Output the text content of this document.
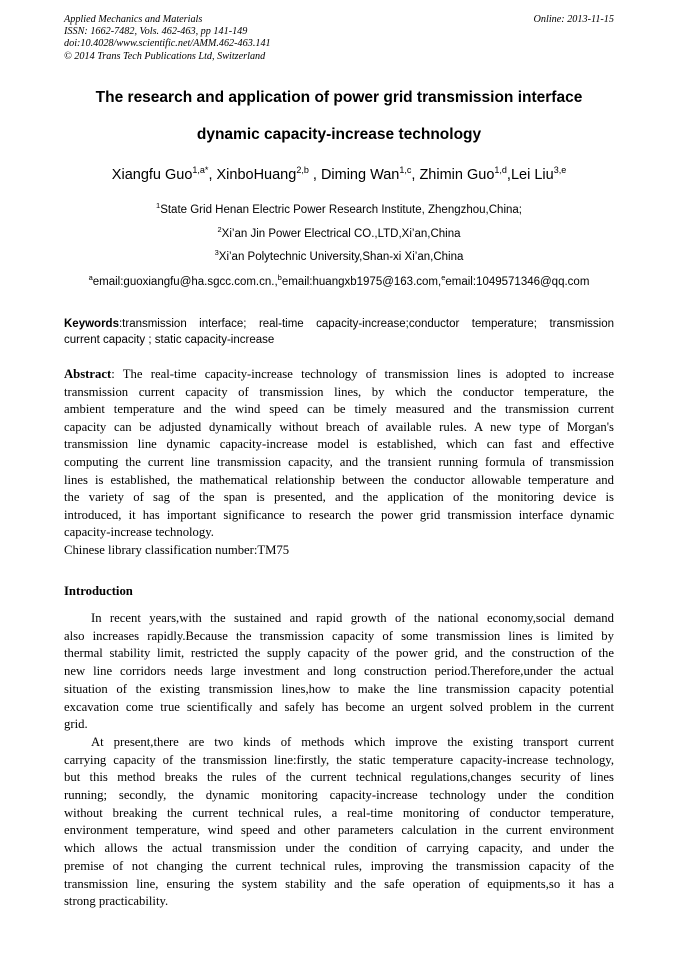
Applied Mechanics and Materials
ISSN: 1662-7482, Vols. 462-463, pp 141-149
doi:10.4028/www.scientific.net/AMM.462-463.141
© 2014 Trans Tech Publications Ltd, Switzerland
Online: 2013-11-15
The research and application of power grid transmission interface
dynamic capacity-increase technology
Xiangfu Guo$^{1,a*}$, XinboHuang$^{2,b}$ , Diming Wan$^{1,c}$, Zhimin Guo$^{1,d}$,Lei Liu$^{3,e}$
$^1$State Grid Henan Electric Power Research Institute, Zhengzhou,China;
$^2$Xi’an Jin Power Electrical CO.,LTD,Xi’an,China
$^3$Xi’an Polytechnic University,Shan-xi Xi’an,China
$^a$email:guoxiangfu@ha.sgcc.com.cn.,$^b$email:huangxb1975@163.com,$^e$email:1049571346@qq.com
Keywords:transmission interface; real-time capacity-increase;conductor temperature; transmission
current capacity ; static capacity-increase
Abstract: The real-time capacity-increase technology of transmission lines is adopted to increase
transmission current capacity of transmission lines, by which the conductor temperature, the
ambient temperature and the wind speed can be timely measured and the transmission current
capacity can be adjusted dynamically without breach of available rules. A new type of Morgan's
transmission line dynamic capacity-increase model is established, which can fast and effective
computing the current line transmission capacity, and the transient running formula of transmission
lines is established, the mathematical relationship between the conductor allowable temperature and
the variety of sag of the span is presented, and the application of the monitoring device is
introduced, it has important significance to research the power grid transmission interface dynamic
capacity-increase technology.
Chinese library classification number:TM75
Introduction
In recent years,with the sustained and rapid growth of the national economy,social demand
also increases rapidly.Because the transmission capacity of some transmission lines is limited by
thermal stability limit, restricted the supply capacity of the power grid, and the construction of the
new line corridors needs large investment and long construction period.Therefore,under the actual
situation of the existing transmission lines,how to make the line transmission capacity potential
excavation come true scientifically and safely has become an urgent solved problem in the current
grid.
At present,there are two kinds of methods which improve the existing transport current
carrying capacity of the transmission line:firstly, the static temperature capacity-increase technology,
but this method breaks the rules of the current technical regulations,changes security of lines
running; secondly, the dynamic monitoring capacity-increase technology under the condition
without breaking the current technical rules, a real-time monitoring of conductor temperature,
environment temperature, wind speed and other parameters calculation in the current environment
which allows the actual transmission under the condition of carrying capacity, and under the
premise of not changing the current technical rules, improving the transmission capacity of the
transmission line, ensuring the system stability and the safe operation of equipments,so it has a
strong practicability.
